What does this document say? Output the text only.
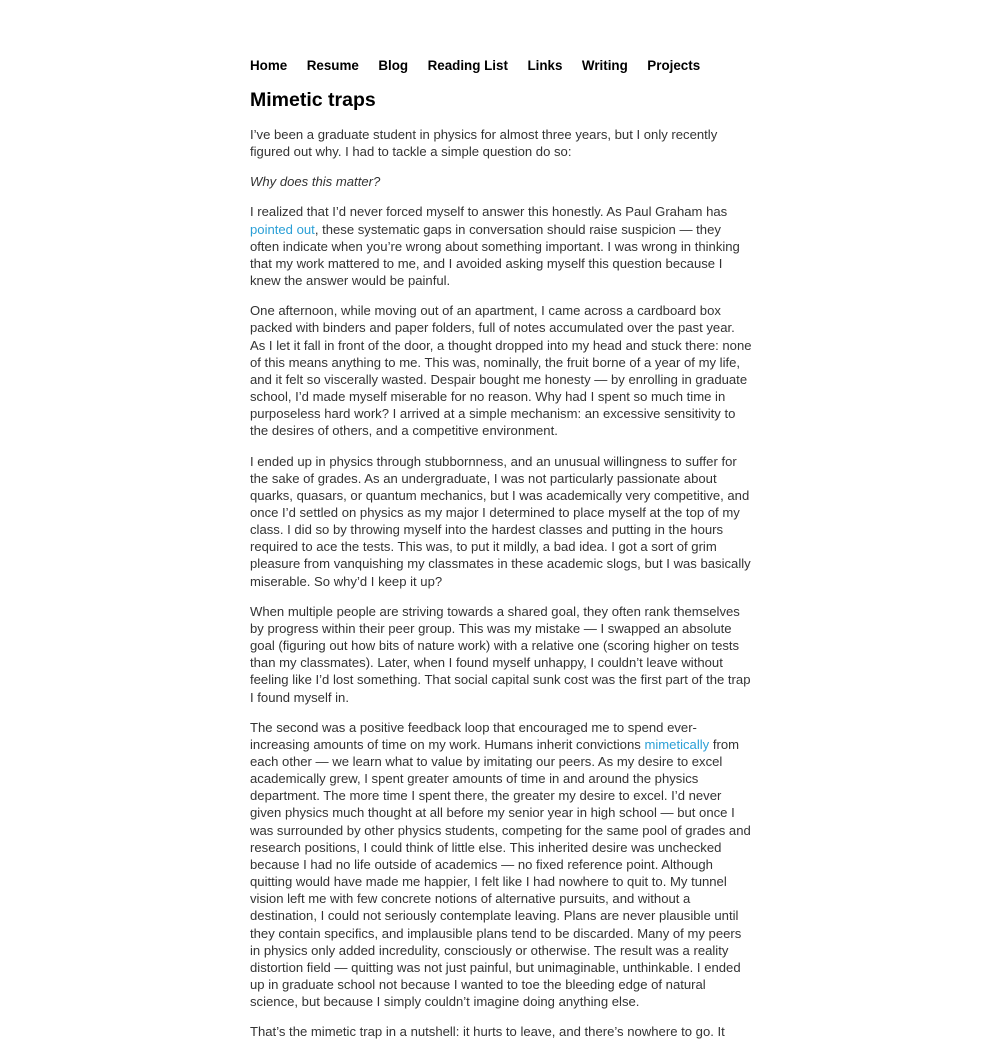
Home Resume Blog Reading List Links Writing Projects
Mimetic traps

I’ve been a graduate student in physics for almost three years, but I only recently figured out why. I had to tackle a simple question do so:

Why does this matter?

I realized that I’d never forced myself to answer this honestly. As Paul Graham has pointed out, these systematic gaps in conversation should raise suspicion — they often indicate when you’re wrong about something important. I was wrong in thinking that my work mattered to me, and I avoided asking myself this question because I knew the answer would be painful.

One afternoon, while moving out of an apartment, I came across a cardboard box packed with binders and paper folders, full of notes accumulated over the past year. As I let it fall in front of the door, a thought dropped into my head and stuck there: none of this means anything to me. This was, nominally, the fruit borne of a year of my life, and it felt so viscerally wasted. Despair bought me honesty — by enrolling in graduate school, I’d made myself miserable for no reason. Why had I spent so much time in purposeless hard work? I arrived at a simple mechanism: an excessive sensitivity to the desires of others, and a competitive environment.

I ended up in physics through stubbornness, and an unusual willingness to suffer for the sake of grades. As an undergraduate, I was not particularly passionate about quarks, quasars, or quantum mechanics, but I was academically very competitive, and once I’d settled on physics as my major I determined to place myself at the top of my class. I did so by throwing myself into the hardest classes and putting in the hours required to ace the tests. This was, to put it mildly, a bad idea. I got a sort of grim pleasure from vanquishing my classmates in these academic slogs, but I was basically miserable. So why’d I keep it up?

When multiple people are striving towards a shared goal, they often rank themselves by progress within their peer group. This was my mistake — I swapped an absolute goal (figuring out how bits of nature work) with a relative one (scoring higher on tests than my classmates). Later, when I found myself unhappy, I couldn’t leave without feeling like I’d lost something. That social capital sunk cost was the first part of the trap I found myself in.

The second was a positive feedback loop that encouraged me to spend ever-increasing amounts of time on my work. Humans inherit convictions mimetically from each other — we learn what to value by imitating our peers. As my desire to excel academically grew, I spent greater amounts of time in and around the physics department. The more time I spent there, the greater my desire to excel. I’d never given physics much thought at all before my senior year in high school — but once I was surrounded by other physics students, competing for the same pool of grades and research positions, I could think of little else. This inherited desire was unchecked because I had no life outside of academics — no fixed reference point. Although quitting would have made me happier, I felt like I had nowhere to quit to. My tunnel vision left me with few concrete notions of alternative pursuits, and without a destination, I could not seriously contemplate leaving. Plans are never plausible until they contain specifics, and implausible plans tend to be discarded. Many of my peers in physics only added incredulity, consciously or otherwise. The result was a reality distortion field — quitting was not just painful, but unimaginable, unthinkable. I ended up in graduate school not because I wanted to toe the bleeding edge of natural science, but because I simply couldn’t imagine doing anything else.

That’s the mimetic trap in a nutshell: it hurts to leave, and there’s nowhere to go. It
